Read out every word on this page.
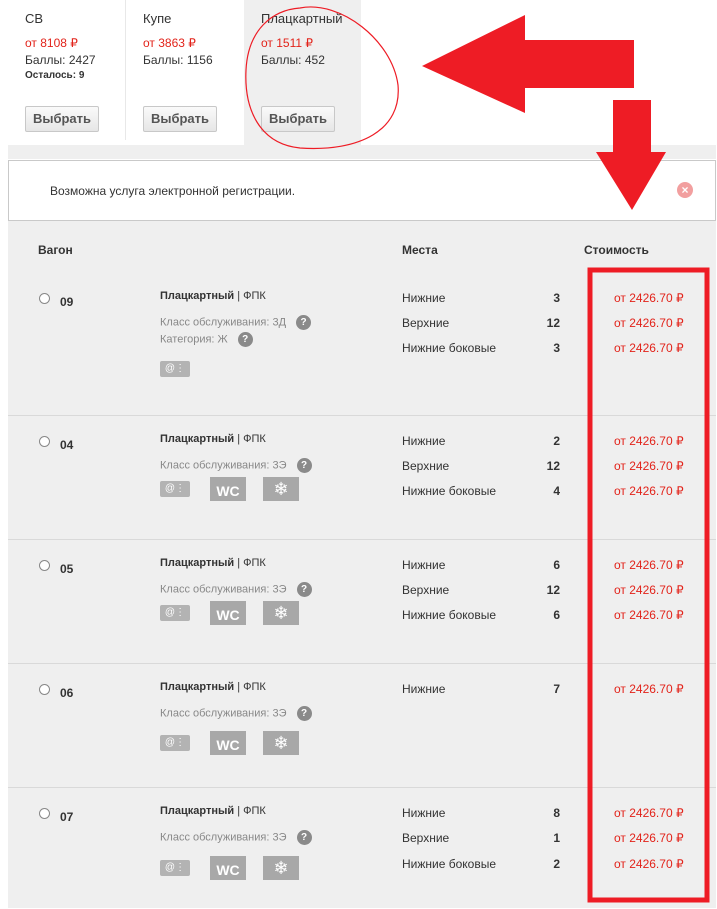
СВ
от 8108 ₽
Баллы: 2427
Осталось: 9
Выбрать
Купе
от 3863 ₽
Баллы: 1156
Выбрать
Плацкартный
от 1511 ₽
Баллы: 452
Выбрать
Возможна услуга электронной регистрации.	×
Вагон	Места	Стоимость
09	Плацкартный | ФПК
Класс обслуживания: 3Д ?
Категория: Ж ?
@⋮
Нижние	3	от 2426.70 ₽
Верхние	12	от 2426.70 ₽
Нижние боковые	3	от 2426.70 ₽
04	Плацкартный | ФПК
Класс обслуживания: 3Э ?
@⋮	WC	❄
Нижние	2	от 2426.70 ₽
Верхние	12	от 2426.70 ₽
Нижние боковые	4	от 2426.70 ₽
05	Плацкартный | ФПК
Класс обслуживания: 3Э ?
@⋮	WC	❄
Нижние	6	от 2426.70 ₽
Верхние	12	от 2426.70 ₽
Нижние боковые	6	от 2426.70 ₽
06	Плацкартный | ФПК
Класс обслуживания: 3Э ?
@⋮	WC	❄
Нижние	7	от 2426.70 ₽
07	Плацкартный | ФПК
Класс обслуживания: 3Э ?
@⋮	WC	❄
Нижние	8	от 2426.70 ₽
Верхние	1	от 2426.70 ₽
Нижние боковые	2	от 2426.70 ₽
